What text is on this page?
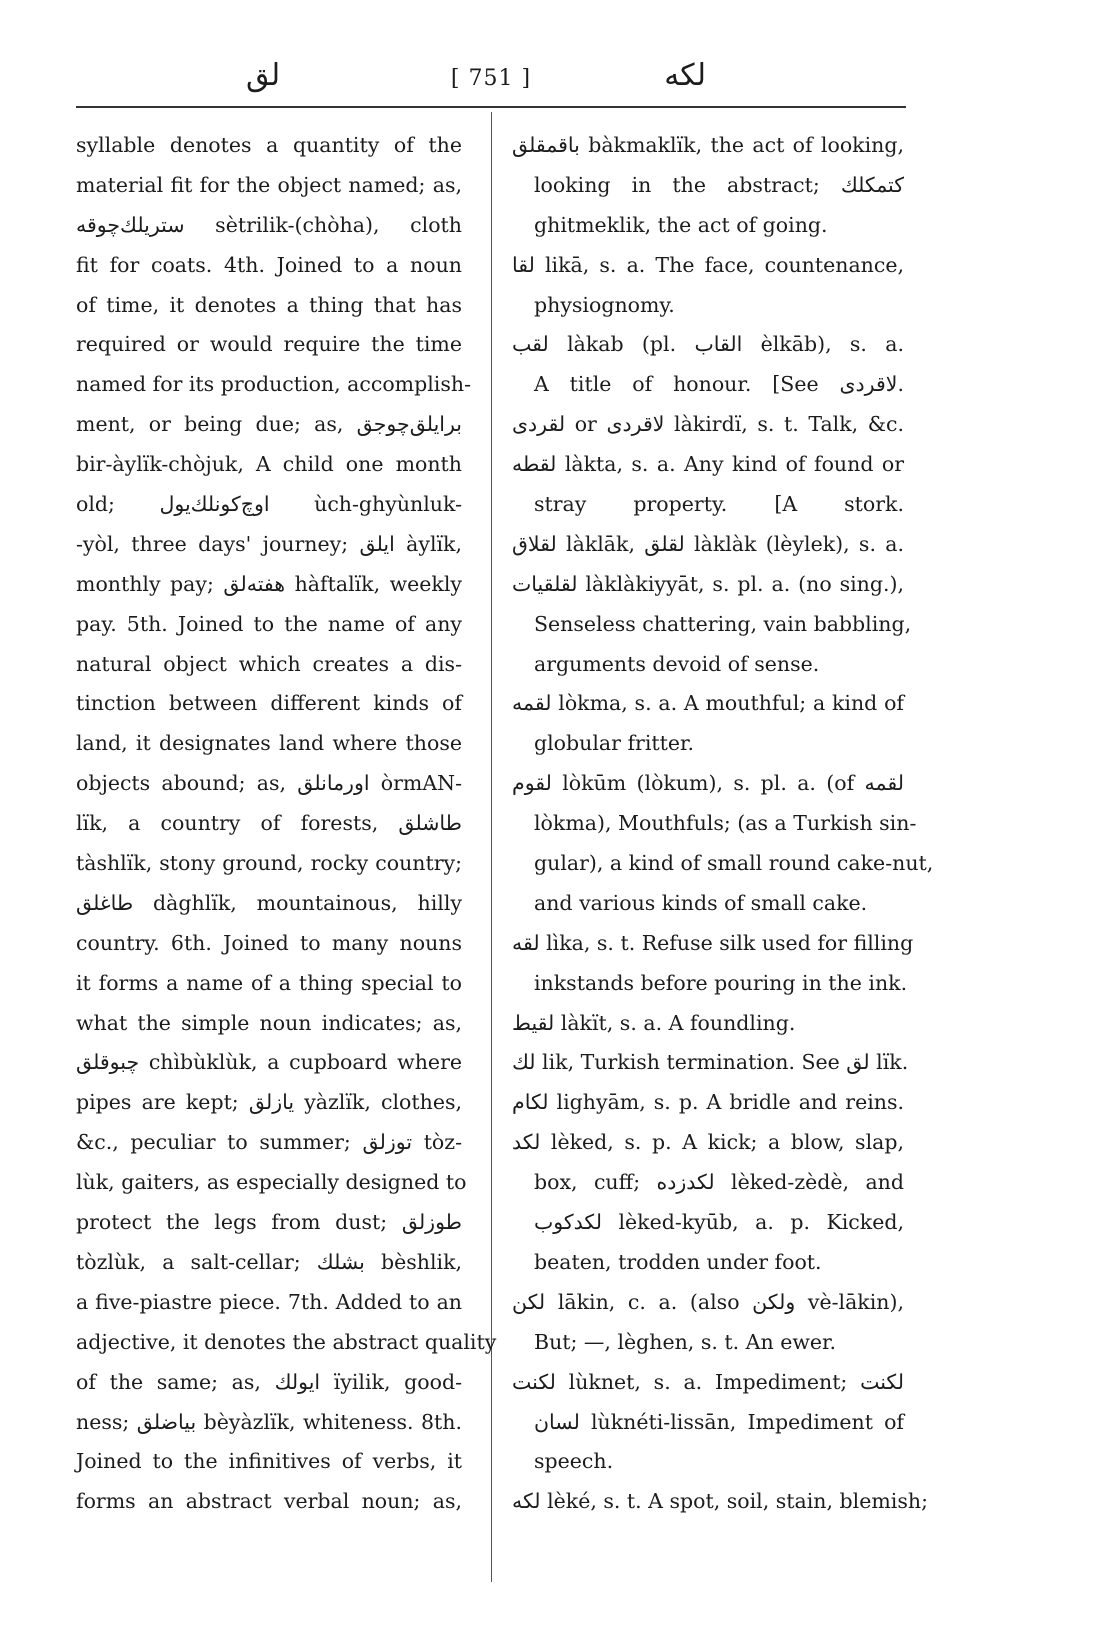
لق	[ 751 ]	لكه
syllable denotes a quantity of the
material fit for the object named; as,
ستريلك‌چوقه sètrilik-(chòha), cloth
fit for coats. 4th. Joined to a noun
of time, it denotes a thing that has
required or would require the time
named for its production, accomplish-
ment, or being due; as, برايلق‌چوجق
bir-àylïk-chòjuk, A child one month
old; اوچ‌كونلك‌يول ùch-ghyùnluk-
-yòl, three days' journey; ايلق àylïk,
monthly pay; هفته‌لق hàftalïk, weekly
pay. 5th. Joined to the name of any
natural object which creates a dis-
tinction between different kinds of
land, it designates land where those
objects abound; as, اورمانلق òrmAN-
lïk, a country of forests, طاشلق
tàshlïk, stony ground, rocky country;
طاغلق dàghlïk, mountainous, hilly
country. 6th. Joined to many nouns
it forms a name of a thing special to
what the simple noun indicates; as,
چبوقلق chìbùklùk, a cupboard where
pipes are kept; يازلق yàzlïk, clothes,
&c., peculiar to summer; توزلق tòz-
lùk, gaiters, as especially designed to
protect the legs from dust; طوزلق
tòzlùk, a salt-cellar; بشلك bèshlik,
a five-piastre piece. 7th. Added to an
adjective, it denotes the abstract quality
of the same; as, ايولك ïyilik, good-
ness; بياضلق bèyàzlïk, whiteness. 8th.
Joined to the infinitives of verbs, it
forms an abstract verbal noun; as,
باقمقلق bàkmaklïk, the act of looking,
looking in the abstract; كتمكلك
ghitmeklik, the act of going.
لقا likā, s. a. The face, countenance,
physiognomy.
لقب làkab (pl. القاب èlkāb), s. a.
A title of honour. [See لاقردى.
لقردى or لاقردى làkirdï, s. t. Talk, &c.
لقطه làkta, s. a. Any kind of found or
stray property. [A stork.
لقلاق làklāk, لقلق làklàk (lèylek), s. a.
لقلقيات làklàkiyyāt, s. pl. a. (no sing.),
Senseless chattering, vain babbling,
arguments devoid of sense.
لقمه lòkma, s. a. A mouthful; a kind of
globular fritter.
لقوم lòkūm (lòkum), s. pl. a. (of لقمه
lòkma), Mouthfuls; (as a Turkish sin-
gular), a kind of small round cake-nut,
and various kinds of small cake.
لقه lìka, s. t. Refuse silk used for filling
inkstands before pouring in the ink.
لقيط làkït, s. a. A foundling.
لك lik, Turkish termination. See لق lïk.
لكام lighyām, s. p. A bridle and reins.
لكد lèked, s. p. A kick; a blow, slap,
box, cuff; لكدزده lèked-zèdè, and
لكدكوب lèked-kyūb, a. p. Kicked,
beaten, trodden under foot.
لكن lākin, c. a. (also ولكن vè-lākin),
But; —, lèghen, s. t. An ewer.
لكنت lùknet, s. a. Impediment; لكنت
لسان lùknéti-lissān, Impediment of
speech.
لكه lèké, s. t. A spot, soil, stain, blemish;
